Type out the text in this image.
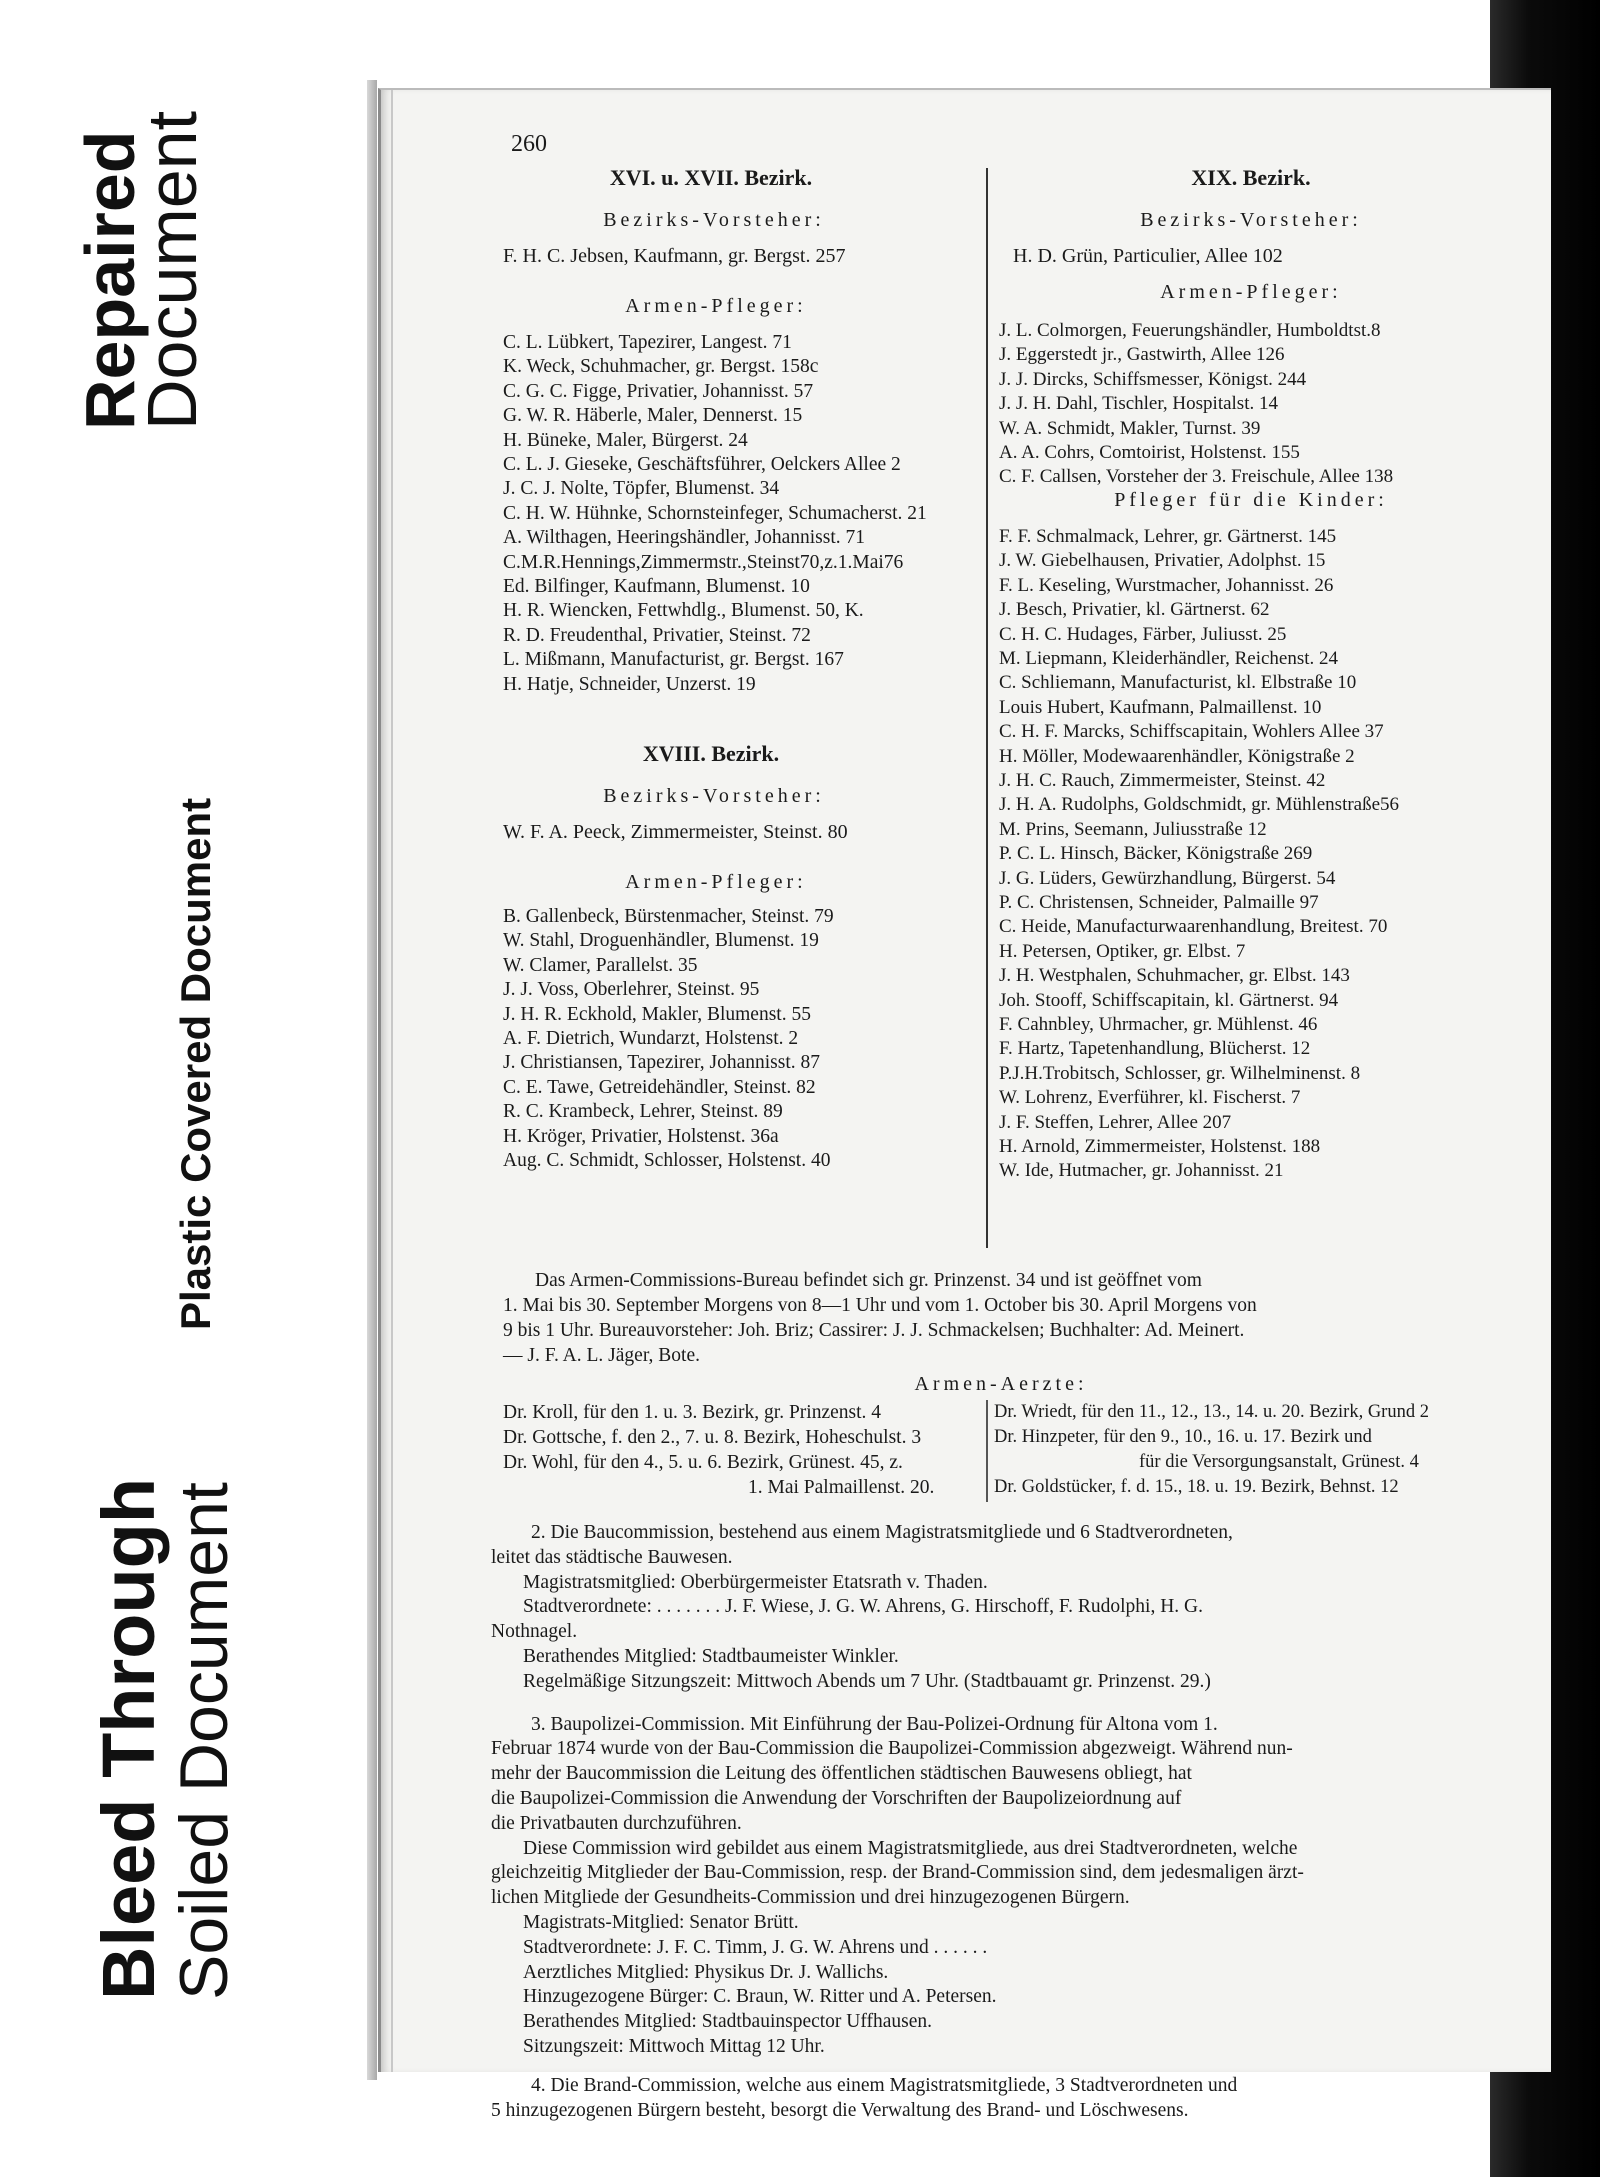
Repaired
Document
Plastic Covered Document
Bleed Through
Soiled Document
260
XVI. u. XVII. Bezirk.
Bezirks-Vorsteher:
F. H. C. Jebsen, Kaufmann, gr. Bergst. 257
Armen-Pfleger:
C. L. Lübkert, Tapezirer, Langest. 71
K. Weck, Schuhmacher, gr. Bergst. 158c
C. G. C. Figge, Privatier, Johannisst. 57
G. W. R. Häberle, Maler, Dennerst. 15
H. Büneke, Maler, Bürgerst. 24
C. L. J. Gieseke, Geschäftsführer, Oelckers Allee 2
J. C. J. Nolte, Töpfer, Blumenst. 34
C. H. W. Hühnke, Schornsteinfeger, Schumacherst. 21
A. Wilthagen, Heeringshändler, Johannisst. 71
C.M.R.Hennings,Zimmermstr.,Steinst70,z.1.Mai76
Ed. Bilfinger, Kaufmann, Blumenst. 10
H. R. Wiencken, Fettwhdlg., Blumenst. 50, K.
R. D. Freudenthal, Privatier, Steinst. 72
L. Mißmann, Manufacturist, gr. Bergst. 167
H. Hatje, Schneider, Unzerst. 19
XVIII. Bezirk.
Bezirks-Vorsteher:
W. F. A. Peeck, Zimmermeister, Steinst. 80
Armen-Pfleger:
B. Gallenbeck, Bürstenmacher, Steinst. 79
W. Stahl, Droguenhändler, Blumenst. 19
W. Clamer, Parallelst. 35
J. J. Voss, Oberlehrer, Steinst. 95
J. H. R. Eckhold, Makler, Blumenst. 55
A. F. Dietrich, Wundarzt, Holstenst. 2
J. Christiansen, Tapezirer, Johannisst. 87
C. E. Tawe, Getreidehändler, Steinst. 82
R. C. Krambeck, Lehrer, Steinst. 89
H. Kröger, Privatier, Holstenst. 36a
Aug. C. Schmidt, Schlosser, Holstenst. 40
XIX. Bezirk.
Bezirks-Vorsteher:
H. D. Grün, Particulier, Allee 102
Armen-Pfleger:
J. L. Colmorgen, Feuerungshändler, Humboldtst.8
J. Eggerstedt jr., Gastwirth, Allee 126
J. J. Dircks, Schiffsmesser, Königst. 244
J. J. H. Dahl, Tischler, Hospitalst. 14
W. A. Schmidt, Makler, Turnst. 39
A. A. Cohrs, Comtoirist, Holstenst. 155
C. F. Callsen, Vorsteher der 3. Freischule, Allee 138
Pfleger für die Kinder:
F. F. Schmalmack, Lehrer, gr. Gärtnerst. 145
J. W. Giebelhausen, Privatier, Adolphst. 15
F. L. Keseling, Wurstmacher, Johannisst. 26
J. Besch, Privatier, kl. Gärtnerst. 62
C. H. C. Hudages, Färber, Juliusst. 25
M. Liepmann, Kleiderhändler, Reichenst. 24
C. Schliemann, Manufacturist, kl. Elbstraße 10
Louis Hubert, Kaufmann, Palmaillenst. 10
C. H. F. Marcks, Schiffscapitain, Wohlers Allee 37
H. Möller, Modewaarenhändler, Königstraße 2
J. H. C. Rauch, Zimmermeister, Steinst. 42
J. H. A. Rudolphs, Goldschmidt, gr. Mühlenstraße56
M. Prins, Seemann, Juliusstraße 12
P. C. L. Hinsch, Bäcker, Königstraße 269
J. G. Lüders, Gewürzhandlung, Bürgerst. 54
P. C. Christensen, Schneider, Palmaille 97
C. Heide, Manufacturwaarenhandlung, Breitest. 70
H. Petersen, Optiker, gr. Elbst. 7
J. H. Westphalen, Schuhmacher, gr. Elbst. 143
Joh. Stooff, Schiffscapitain, kl. Gärtnerst. 94
F. Cahnbley, Uhrmacher, gr. Mühlenst. 46
F. Hartz, Tapetenhandlung, Blücherst. 12
P.J.H.Trobitsch, Schlosser, gr. Wilhelminenst. 8
W. Lohrenz, Everführer, kl. Fischerst. 7
J. F. Steffen, Lehrer, Allee 207
H. Arnold, Zimmermeister, Holstenst. 188
W. Ide, Hutmacher, gr. Johannisst. 21
Das Armen-Commissions-Bureau befindet sich gr. Prinzenst. 34 und ist geöffnet vom
1. Mai bis 30. September Morgens von 8—1 Uhr und vom 1. October bis 30. April Morgens von
9 bis 1 Uhr. Bureauvorsteher: Joh. Briz; Cassirer: J. J. Schmackelsen; Buchhalter: Ad. Meinert.
— J. F. A. L. Jäger, Bote.
Armen-Aerzte:
Dr. Kroll, für den 1. u. 3. Bezirk, gr. Prinzenst. 4
Dr. Gottsche, f. den 2., 7. u. 8. Bezirk, Hoheschulst. 3
Dr. Wohl, für den 4., 5. u. 6. Bezirk, Grünest. 45, z.
1. Mai Palmaillenst. 20.
Dr. Wriedt, für den 11., 12., 13., 14. u. 20. Bezirk, Grund 2
Dr. Hinzpeter, für den 9., 10., 16. u. 17. Bezirk und
für die Versorgungsanstalt, Grünest. 4
Dr. Goldstücker, f. d. 15., 18. u. 19. Bezirk, Behnst. 12
2. Die Baucommission, bestehend aus einem Magistratsmitgliede und 6 Stadtverordneten,
leitet das städtische Bauwesen.
Magistratsmitglied: Oberbürgermeister Etatsrath v. Thaden.
Stadtverordnete: . . . . . . . J. F. Wiese, J. G. W. Ahrens, G. Hirschoff, F. Rudolphi, H. G.
Nothnagel.
Berathendes Mitglied: Stadtbaumeister Winkler.
Regelmäßige Sitzungszeit: Mittwoch Abends um 7 Uhr. (Stadtbauamt gr. Prinzenst. 29.)
3. Baupolizei-Commission. Mit Einführung der Bau-Polizei-Ordnung für Altona vom 1.
Februar 1874 wurde von der Bau-Commission die Baupolizei-Commission abgezweigt. Während nun-
mehr der Baucommission die Leitung des öffentlichen städtischen Bauwesens obliegt, hat
die Baupolizei-Commission die Anwendung der Vorschriften der Baupolizeiordnung auf
die Privatbauten durchzuführen.
Diese Commission wird gebildet aus einem Magistratsmitgliede, aus drei Stadtverordneten, welche
gleichzeitig Mitglieder der Bau-Commission, resp. der Brand-Commission sind, dem jedesmaligen ärzt-
lichen Mitgliede der Gesundheits-Commission und drei hinzugezogenen Bürgern.
Magistrats-Mitglied: Senator Brütt.
Stadtverordnete: J. F. C. Timm, J. G. W. Ahrens und . . . . . .
Aerztliches Mitglied: Physikus Dr. J. Wallichs.
Hinzugezogene Bürger: C. Braun, W. Ritter und A. Petersen.
Berathendes Mitglied: Stadtbauinspector Uffhausen.
Sitzungszeit: Mittwoch Mittag 12 Uhr.
4. Die Brand-Commission, welche aus einem Magistratsmitgliede, 3 Stadtverordneten und
5 hinzugezogenen Bürgern besteht, besorgt die Verwaltung des Brand- und Löschwesens.
